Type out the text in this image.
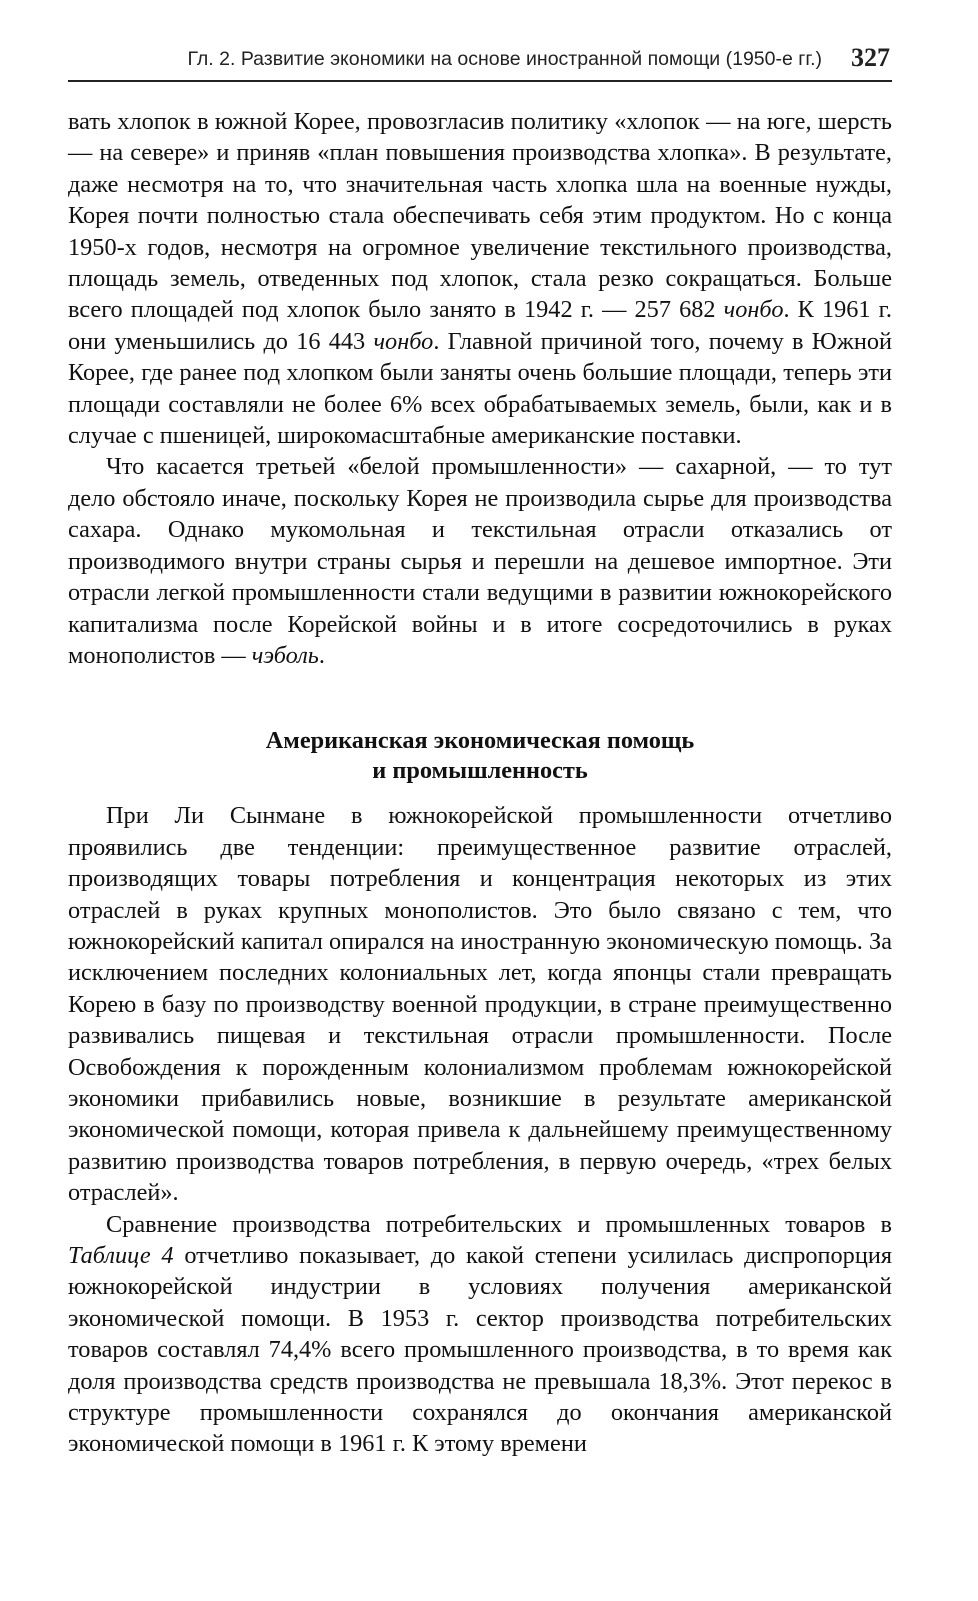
Гл. 2. Развитие экономики на основе иностранной помощи (1950-е гг.) 327

вать хлопок в южной Корее, провозгласив политику «хлопок — на юге, шерсть — на севере» и приняв «план повышения производства хлопка». В результате, даже несмотря на то, что значительная часть хлопка шла на военные нужды, Корея почти полностью стала обеспечивать себя этим продуктом. Но с конца 1950-х годов, несмотря на огромное увеличение текстильного производства, площадь земель, отведенных под хлопок, стала резко сокращаться. Больше всего площадей под хлопок было занято в 1942 г. — 257 682 чонбо. К 1961 г. они уменьшились до 16 443 чонбо. Главной причиной того, почему в Южной Корее, где ранее под хлопком были заняты очень большие площади, теперь эти площади составляли не более 6% всех обрабатываемых земель, были, как и в случае с пшеницей, широкомасштабные американские поставки.

Что касается третьей «белой промышленности» — сахарной, — то тут дело обстояло иначе, поскольку Корея не производила сырье для производства сахара. Однако мукомольная и текстильная отрасли отказались от производимого внутри страны сырья и перешли на дешевое импортное. Эти отрасли легкой промышленности стали ведущими в развитии южнокорейского капитализма после Корейской войны и в итоге сосредоточились в руках монополистов — чэболь.

Американская экономическая помощь
и промышленность

При Ли Сынмане в южнокорейской промышленности отчетливо проявились две тенденции: преимущественное развитие отраслей, производящих товары потребления и концентрация некоторых из этих отраслей в руках крупных монополистов. Это было связано с тем, что южнокорейский капитал опирался на иностранную экономическую помощь. За исключением последних колониальных лет, когда японцы стали превращать Корею в базу по производству военной продукции, в стране преимущественно развивались пищевая и текстильная отрасли промышленности. После Освобождения к порожденным колониализмом проблемам южнокорейской экономики прибавились новые, возникшие в результате американской экономической помощи, которая привела к дальнейшему преимущественному развитию производства товаров потребления, в первую очередь, «трех белых отраслей».

Сравнение производства потребительских и промышленных товаров в Таблице 4 отчетливо показывает, до какой степени усилилась диспропорция южнокорейской индустрии в условиях получения американской экономической помощи. В 1953 г. сектор производства потребительских товаров составлял 74,4% всего промышленного производства, в то время как доля производства средств производства не превышала 18,3%. Этот перекос в структуре промышленности сохранялся до окончания американской экономической помощи в 1961 г. К этому времени
